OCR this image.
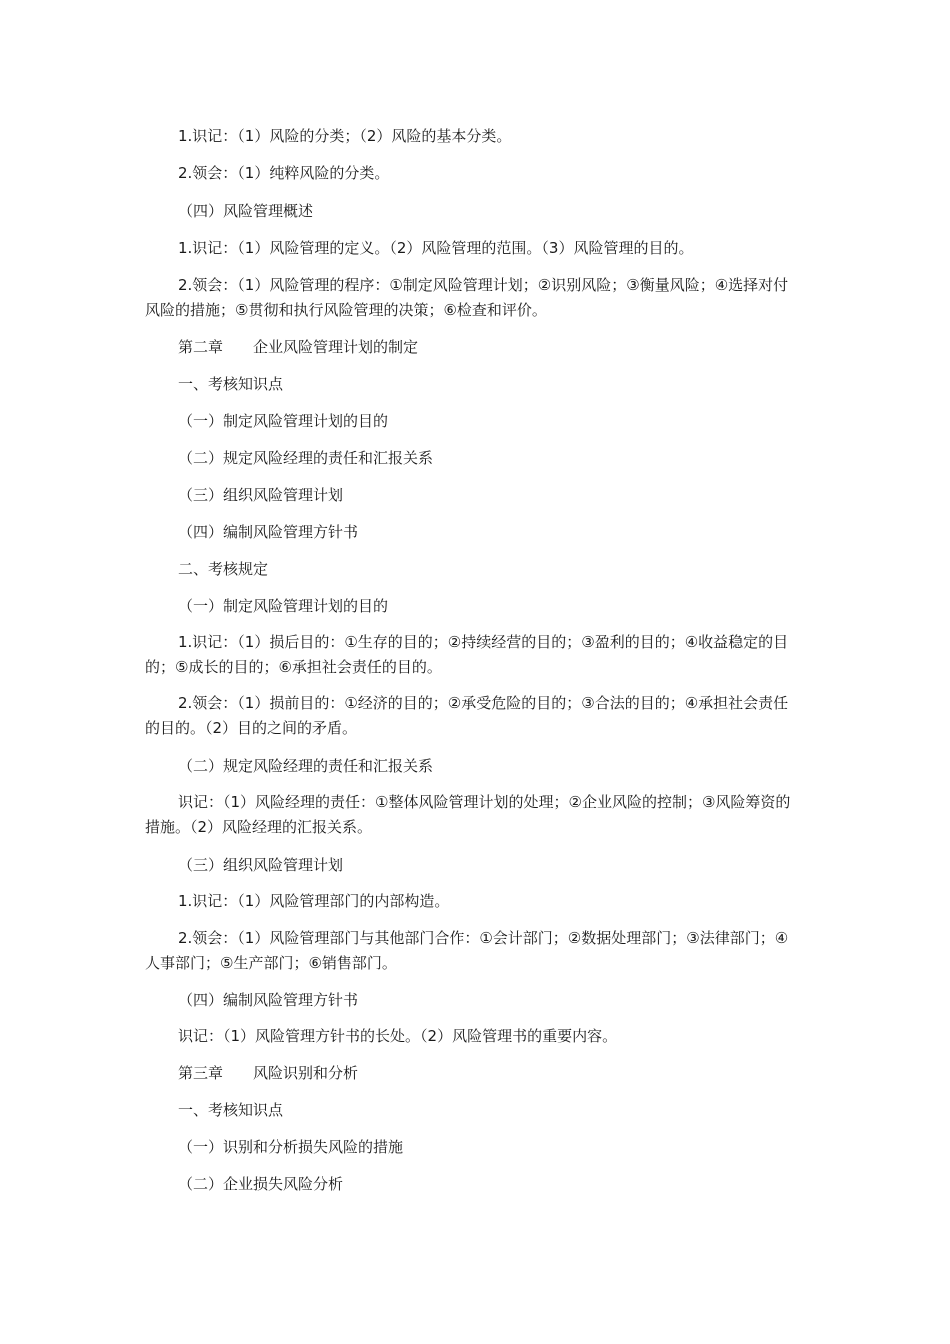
1.识记：（1）风险的分类；（2）风险的基本分类。

2.领会：（1）纯粹风险的分类。

（四）风险管理概述

1.识记：（1）风险管理的定义。（2）风险管理的范围。（3）风险管理的目的。

2.领会：（1）风险管理的程序：①制定风险管理计划；②识别风险；③衡量风险；④选择对付风险的措施；⑤贯彻和执行风险管理的决策；⑥检查和评价。

第二章　　企业风险管理计划的制定

一、考核知识点

（一）制定风险管理计划的目的

（二）规定风险经理的责任和汇报关系

（三）组织风险管理计划

（四）编制风险管理方针书

二、考核规定

（一）制定风险管理计划的目的

1.识记：（1）损后目的：①生存的目的；②持续经营的目的；③盈利的目的；④收益稳定的目的；⑤成长的目的；⑥承担社会责任的目的。

2.领会：（1）损前目的：①经济的目的；②承受危险的目的；③合法的目的；④承担社会责任的目的。（2）目的之间的矛盾。

（二）规定风险经理的责任和汇报关系

识记：（1）风险经理的责任：①整体风险管理计划的处理；②企业风险的控制；③风险筹资的措施。（2）风险经理的汇报关系。

（三）组织风险管理计划

1.识记：（1）风险管理部门的内部构造。

2.领会：（1）风险管理部门与其他部门合作：①会计部门；②数据处理部门；③法律部门；④人事部门；⑤生产部门；⑥销售部门。

（四）编制风险管理方针书

识记：（1）风险管理方针书的长处。（2）风险管理书的重要内容。

第三章　　风险识别和分析

一、考核知识点

（一）识别和分析损失风险的措施

（二）企业损失风险分析
